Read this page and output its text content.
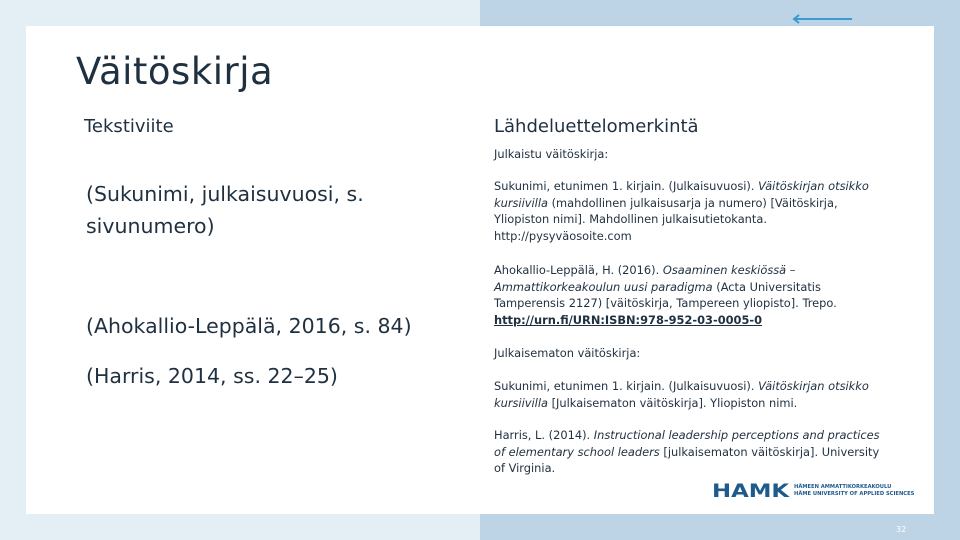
Väitöskirja
Tekstiviite	Lähdeluettelomerkintä
(Sukunimi, julkaisuvuosi, s.
sivunumero)
(Ahokallio-Leppälä, 2016, s. 84)
(Harris, 2014, ss. 22–25)
Julkaistu väitöskirja:
Sukunimi, etunimen 1. kirjain. (Julkaisuvuosi). Väitöskirjan otsikko kursiivilla (mahdollinen julkaisusarja ja numero) [Väitöskirja, Yliopiston nimi]. Mahdollinen julkaisutietokanta. http://pysyväosoite.com
Ahokallio-Leppälä, H. (2016). Osaaminen keskiössä – Ammattikorkeakoulun uusi paradigma (Acta Universitatis Tamperensis 2127) [väitöskirja, Tampereen yliopisto]. Trepo. http://urn.fi/URN:ISBN:978-952-03-0005-0
Julkaisematon väitöskirja:
Sukunimi, etunimen 1. kirjain. (Julkaisuvuosi). Väitöskirjan otsikko kursiivilla [Julkaisematon väitöskirja]. Yliopiston nimi.
Harris, L. (2014). Instructional leadership perceptions and practices of elementary school leaders [julkaisematon väitöskirja]. University of Virginia.
HAMK HÄMEEN AMMATTIKORKEAKOULU
HÄME UNIVERSITY OF APPLIED SCIENCES
32
